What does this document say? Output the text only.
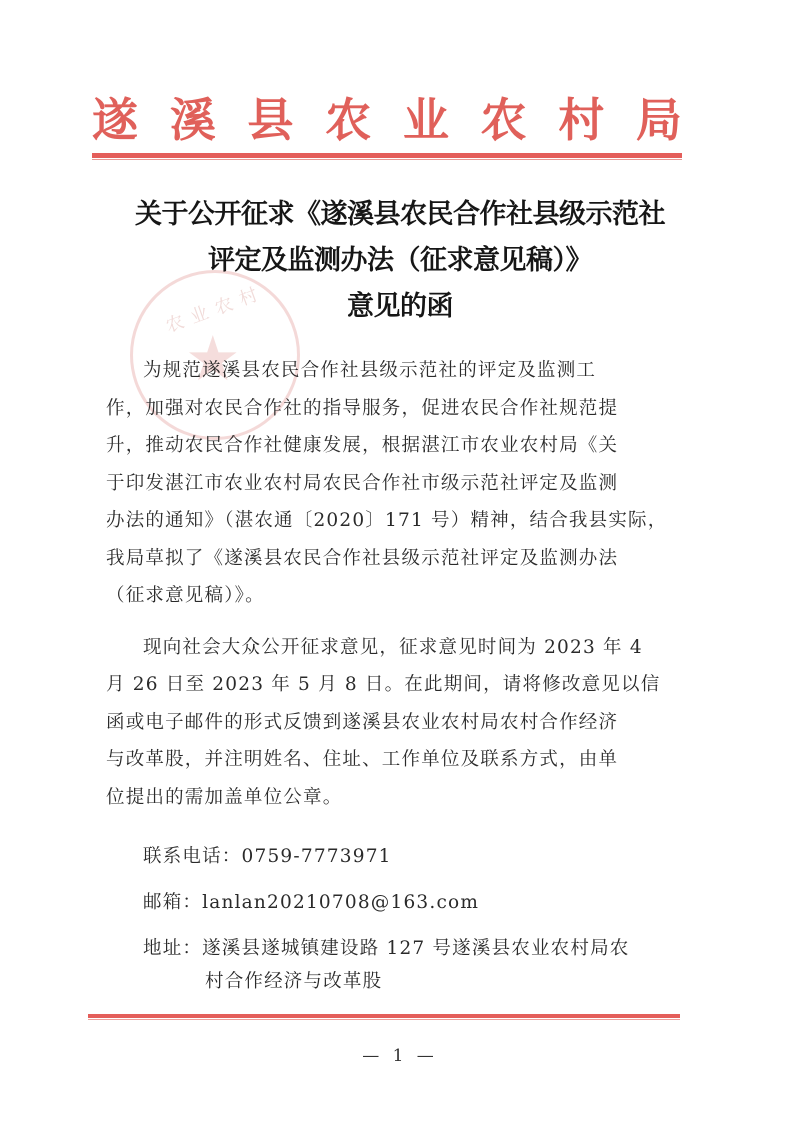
遂 溪 县 农 业 农 村 局
农业农村
★
关于公开征求《遂溪县农民合作社县级示范社
评定及监测办法（征求意见稿）》
意见的函

为规范遂溪县农民合作社县级示范社的评定及监测工
作，加强对农民合作社的指导服务，促进农民合作社规范提
升，推动农民合作社健康发展，根据湛江市农业农村局《关
于印发湛江市农业农村局农民合作社市级示范社评定及监测
办法的通知》（湛农通〔2020〕171 号）精神，结合我县实际，
我局草拟了《遂溪县农民合作社县级示范社评定及监测办法
（征求意见稿）》。

现向社会大众公开征求意见，征求意见时间为 2023 年 4
月 26 日至 2023 年 5 月 8 日。在此期间，请将修改意见以信
函或电子邮件的形式反馈到遂溪县农业农村局农村合作经济
与改革股，并注明姓名、住址、工作单位及联系方式，由单
位提出的需加盖单位公章。

联系电话：0759-7773971
邮箱：lanlan20210708@163.com
地址：遂溪县遂城镇建设路 127 号遂溪县农业农村局农
村合作经济与改革股
— 1 —
